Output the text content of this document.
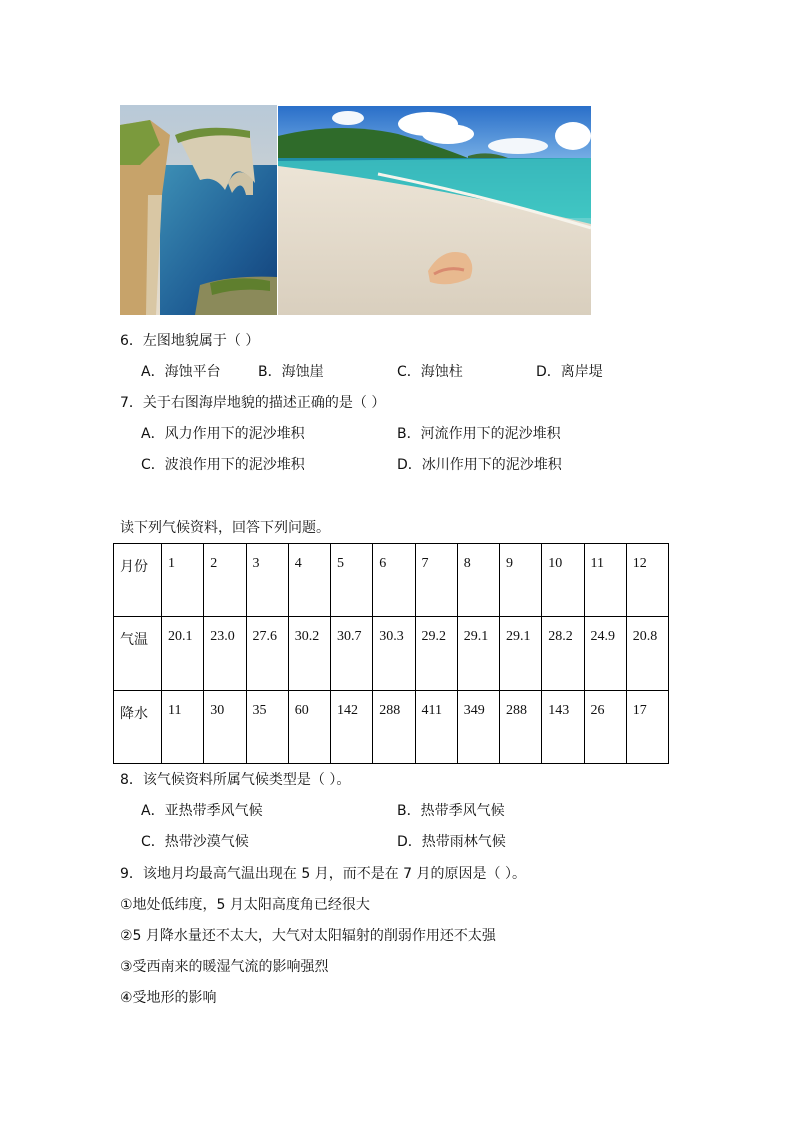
6．左图地貌属于（ ）
A．海蚀平台	B．海蚀崖	C．海蚀柱	D．离岸堤
7．关于右图海岸地貌的描述正确的是（ ）
A．风力作用下的泥沙堆积	B．河流作用下的泥沙堆积
C．波浪作用下的泥沙堆积	D．冰川作用下的泥沙堆积
读下列气候资料，回答下列问题。
月份	1	2	3	4	5	6	7	8	9	10	11	12
气温	20.1	23.0	27.6	30.2	30.7	30.3	29.2	29.1	29.1	28.2	24.9	20.8
降水	11	30	35	60	142	288	411	349	288	143	26	17
8．该气候资料所属气候类型是（ ）。
A．亚热带季风气候	B．热带季风气候
C．热带沙漠气候	D．热带雨林气候
9．该地月均最高气温出现在 5 月，而不是在 7 月的原因是（ ）。
①地处低纬度，5 月太阳高度角已经很大
②5 月降水量还不太大，大气对太阳辐射的削弱作用还不太强
③受西南来的暖湿气流的影响强烈
④受地形的影响
